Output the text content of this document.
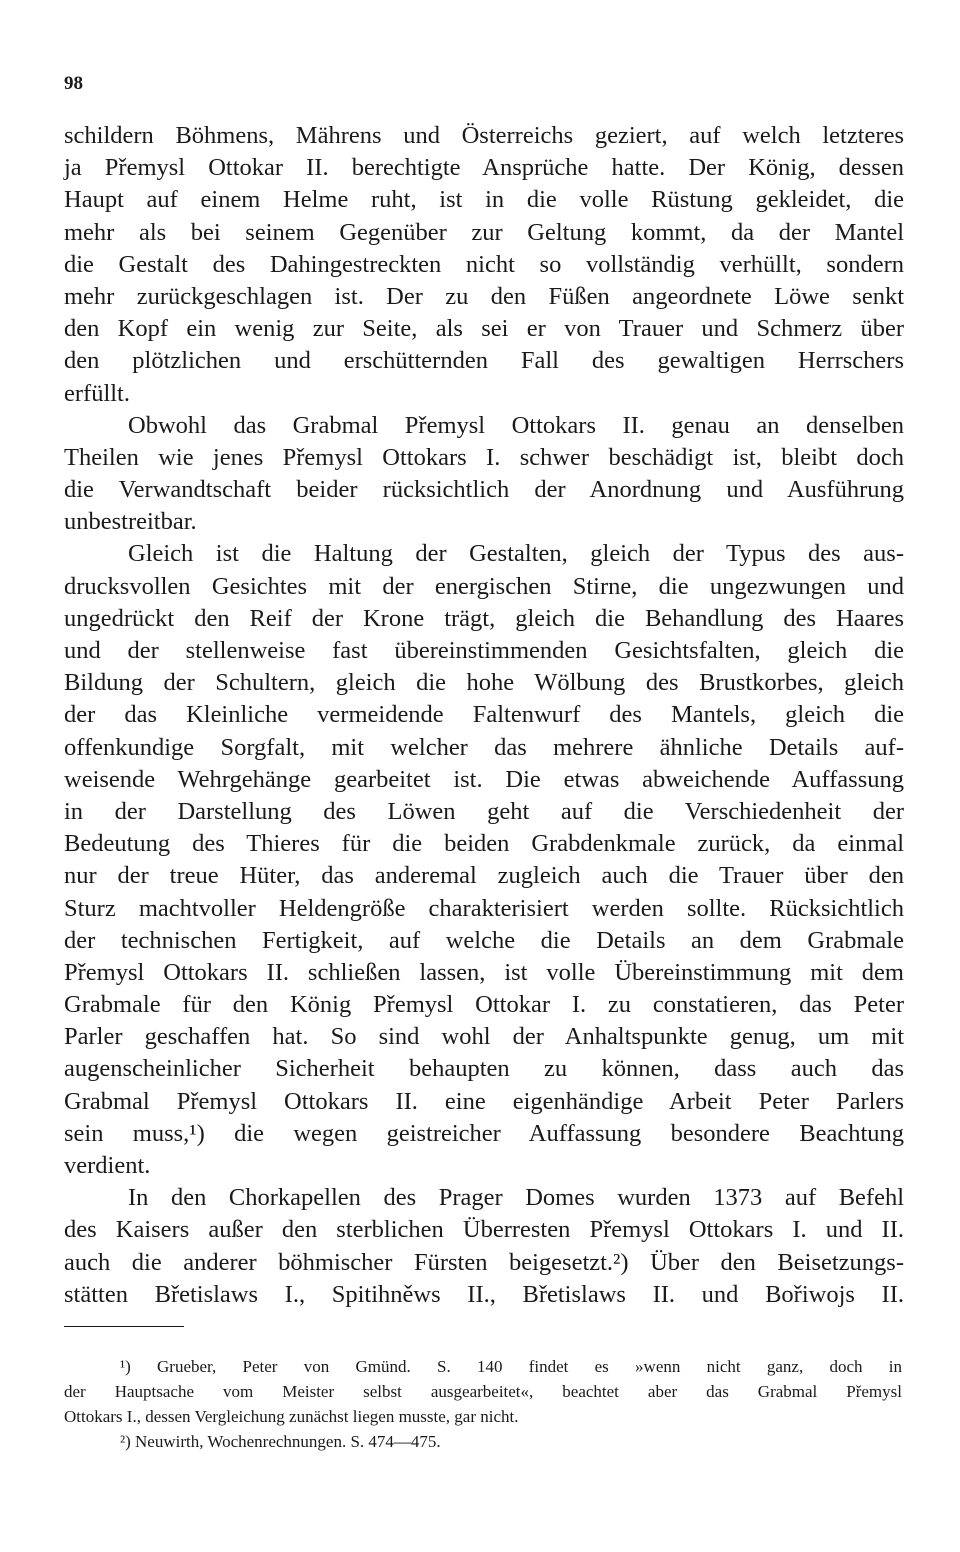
98
schildern Böhmens, Mährens und Österreichs geziert, auf welch letzteres
ja Přemysl Ottokar II. berechtigte Ansprüche hatte. Der König, dessen
Haupt auf einem Helme ruht, ist in die volle Rüstung gekleidet, die
mehr als bei seinem Gegenüber zur Geltung kommt, da der Mantel
die Gestalt des Dahingestreckten nicht so vollständig verhüllt, sondern
mehr zurückgeschlagen ist. Der zu den Füßen angeordnete Löwe senkt
den Kopf ein wenig zur Seite, als sei er von Trauer und Schmerz über
den plötzlichen und erschütternden Fall des gewaltigen Herrschers
erfüllt.
Obwohl das Grabmal Přemysl Ottokars II. genau an denselben
Theilen wie jenes Přemysl Ottokars I. schwer beschädigt ist, bleibt doch
die Verwandtschaft beider rücksichtlich der Anordnung und Ausführung
unbestreitbar.
Gleich ist die Haltung der Gestalten, gleich der Typus des aus-
drucksvollen Gesichtes mit der energischen Stirne, die ungezwungen und
ungedrückt den Reif der Krone trägt, gleich die Behandlung des Haares
und der stellenweise fast übereinstimmenden Gesichtsfalten, gleich die
Bildung der Schultern, gleich die hohe Wölbung des Brustkorbes, gleich
der das Kleinliche vermeidende Faltenwurf des Mantels, gleich die
offenkundige Sorgfalt, mit welcher das mehrere ähnliche Details auf-
weisende Wehrgehänge gearbeitet ist. Die etwas abweichende Auffassung
in der Darstellung des Löwen geht auf die Verschiedenheit der
Bedeutung des Thieres für die beiden Grabdenkmale zurück, da einmal
nur der treue Hüter, das anderemal zugleich auch die Trauer über den
Sturz machtvoller Heldengröße charakterisiert werden sollte. Rücksichtlich
der technischen Fertigkeit, auf welche die Details an dem Grabmale
Přemysl Ottokars II. schließen lassen, ist volle Übereinstimmung mit dem
Grabmale für den König Přemysl Ottokar I. zu constatieren, das Peter
Parler geschaffen hat. So sind wohl der Anhaltspunkte genug, um mit
augenscheinlicher Sicherheit behaupten zu können, dass auch das
Grabmal Přemysl Ottokars II. eine eigenhändige Arbeit Peter Parlers
sein muss,¹) die wegen geistreicher Auffassung besondere Beachtung
verdient.
In den Chorkapellen des Prager Domes wurden 1373 auf Befehl
des Kaisers außer den sterblichen Überresten Přemysl Ottokars I. und II.
auch die anderer böhmischer Fürsten beigesetzt.²) Über den Beisetzungs-
stätten Břetislaws I., Spitihněws II., Břetislaws II. und Bořiwojs II.
¹) Grueber, Peter von Gmünd. S. 140 findet es »wenn nicht ganz, doch in
der Hauptsache vom Meister selbst ausgearbeitet«, beachtet aber das Grabmal Přemysl
Ottokars I., dessen Vergleichung zunächst liegen musste, gar nicht.
²) Neuwirth, Wochenrechnungen. S. 474—475.
